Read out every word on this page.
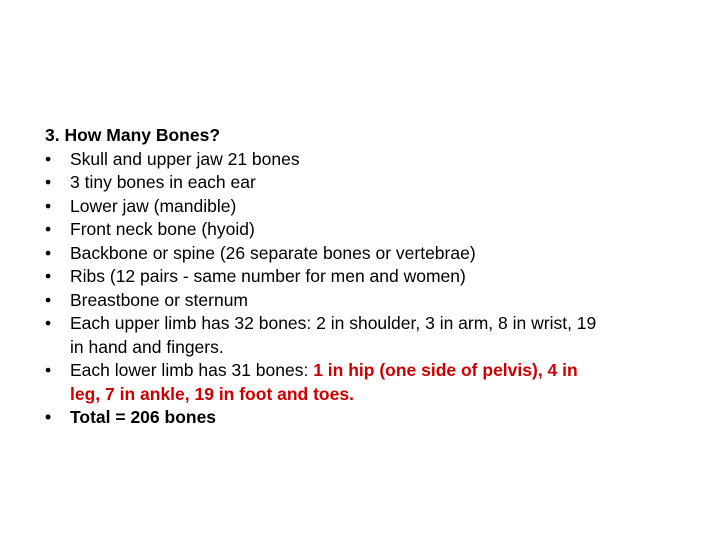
3. How Many Bones?

•	Skull and upper jaw 21 bones
•	3 tiny bones in each ear
•	Lower jaw (mandible)
•	Front neck bone (hyoid)
•	Backbone or spine (26 separate bones or vertebrae)
•	Ribs (12 pairs - same number for men and women)
•	Breastbone or sternum
•	Each upper limb has 32 bones: 2 in shoulder, 3 in arm, 8 in wrist, 19
in hand and fingers.
•	Each lower limb has 31 bones: 1 in hip (one side of pelvis), 4 in
leg, 7 in ankle, 19 in foot and toes.
•	Total = 206 bones
